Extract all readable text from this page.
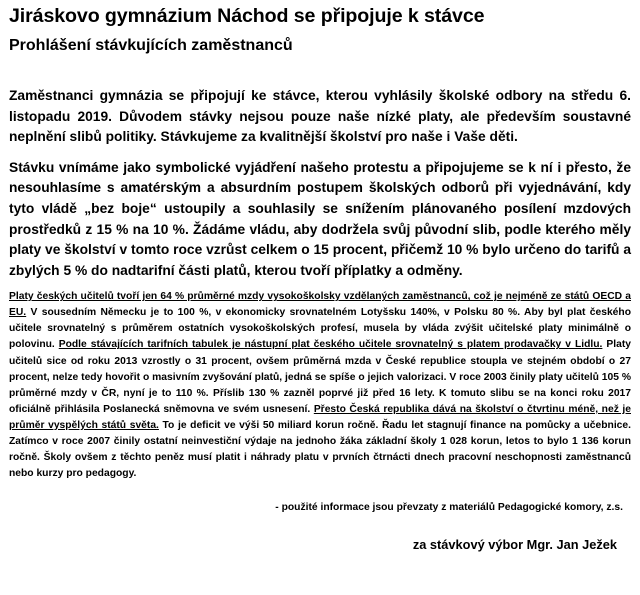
Jiráskovo gymnázium Náchod se připojuje k stávce
Prohlášení stávkujících zaměstnanců

Zaměstnanci gymnázia se připojují ke stávce, kterou vyhlásily školské odbory na středu 6. listopadu 2019. Důvodem stávky nejsou pouze naše nízké platy, ale především soustavné neplnění slibů politiky. Stávkujeme za kvalitnější školství pro naše i Vaše děti.

Stávku vnímáme jako symbolické vyjádření našeho protestu a připojujeme se k ní i přesto, že nesouhlasíme s amatérským a absurdním postupem školských odborů při vyjednávání, kdy tyto vládě „bez boje“ ustoupily a souhlasily se snížením plánovaného posílení mzdových prostředků z 15 % na 10 %. Žádáme vládu, aby dodržela svůj původní slib, podle kterého měly platy ve školství v tomto roce vzrůst celkem o 15 procent, přičemž 10 % bylo určeno do tarifů a zbylých 5 % do nadtarifní části platů, kterou tvoří příplatky a odměny.

Platy českých učitelů tvoří jen 64 % průměrné mzdy vysokoškolsky vzdělaných zaměstnanců, což je nejméně ze států OECD a EU. V sousedním Německu je to 100 %, v ekonomicky srovnatelném Lotyšsku 140%, v Polsku 80 %. Aby byl plat českého učitele srovnatelný s průměrem ostatních vysokoškolských profesí, musela by vláda zvýšit učitelské platy minimálně o polovinu. Podle stávajících tarifních tabulek je nástupní plat českého učitele srovnatelný s platem prodavačky v Lidlu. Platy učitelů sice od roku 2013 vzrostly o 31 procent, ovšem průměrná mzda v České republice stoupla ve stejném období o 27 procent, nelze tedy hovořit o masivním zvyšování platů, jedná se spíše o jejich valorizaci. V roce 2003 činily platy učitelů 105 % průměrné mzdy v ČR, nyní je to 110 %. Příslib 130 % zazněl poprvé již před 16 lety. K tomuto slibu se na konci roku 2017 oficiálně přihlásila Poslanecká sněmovna ve svém usnesení. Přesto Česká republika dává na školství o čtvrtinu méně, než je průměr vyspělých států světa. To je deficit ve výši 50 miliard korun ročně. Řadu let stagnují finance na pomůcky a učebnice. Zatímco v roce 2007 činily ostatní neinvestiční výdaje na jednoho žáka základní školy 1 028 korun, letos to bylo 1 136 korun ročně. Školy ovšem z těchto peněz musí platit i náhrady platu v prvních čtrnácti dnech pracovní neschopnosti zaměstnanců nebo kurzy pro pedagogy.

- použité informace jsou převzaty z materiálů Pedagogické komory, z.s.

za stávkový výbor Mgr. Jan Ježek
